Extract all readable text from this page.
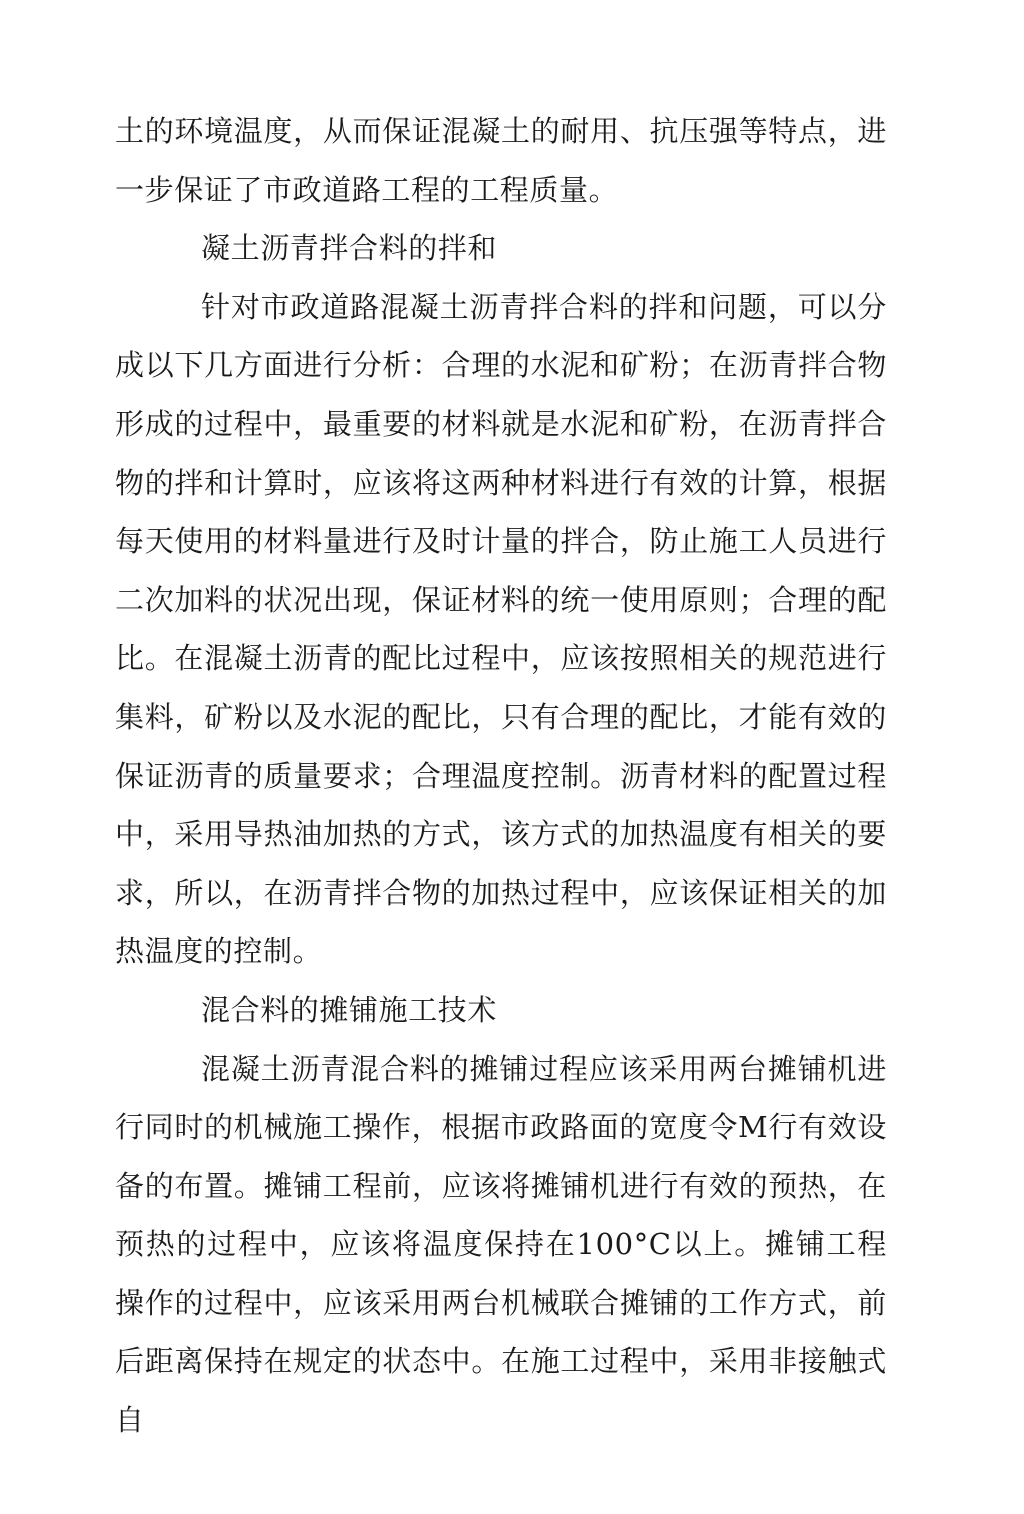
土的环境温度，从而保证混凝土的耐用、抗压强等特点，进一步保证了市政道路工程的工程质量。

凝土沥青拌合料的拌和

针对市政道路混凝土沥青拌合料的拌和问题，可以分成以下几方面进行分析：合理的水泥和矿粉；在沥青拌合物形成的过程中，最重要的材料就是水泥和矿粉，在沥青拌合物的拌和计算时，应该将这两种材料进行有效的计算，根据每天使用的材料量进行及时计量的拌合，防止施工人员进行二次加料的状况出现，保证材料的统一使用原则；合理的配比。在混凝土沥青的配比过程中，应该按照相关的规范进行集料，矿粉以及水泥的配比，只有合理的配比，才能有效的保证沥青的质量要求；合理温度控制。沥青材料的配置过程中，采用导热油加热的方式，该方式的加热温度有相关的要求，所以，在沥青拌合物的加热过程中，应该保证相关的加热温度的控制。

混合料的摊铺施工技术

混凝土沥青混合料的摊铺过程应该采用两台摊铺机进行同时的机械施工操作，根据市政路面的宽度令M行有效设备的布置。摊铺工程前，应该将摊铺机进行有效的预热，在预热的过程中，应该将温度保持在100°C以上。摊铺工程操作的过程中，应该采用两台机械联合摊铺的工作方式，前后距离保持在规定的状态中。在施工过程中，采用非接触式自
